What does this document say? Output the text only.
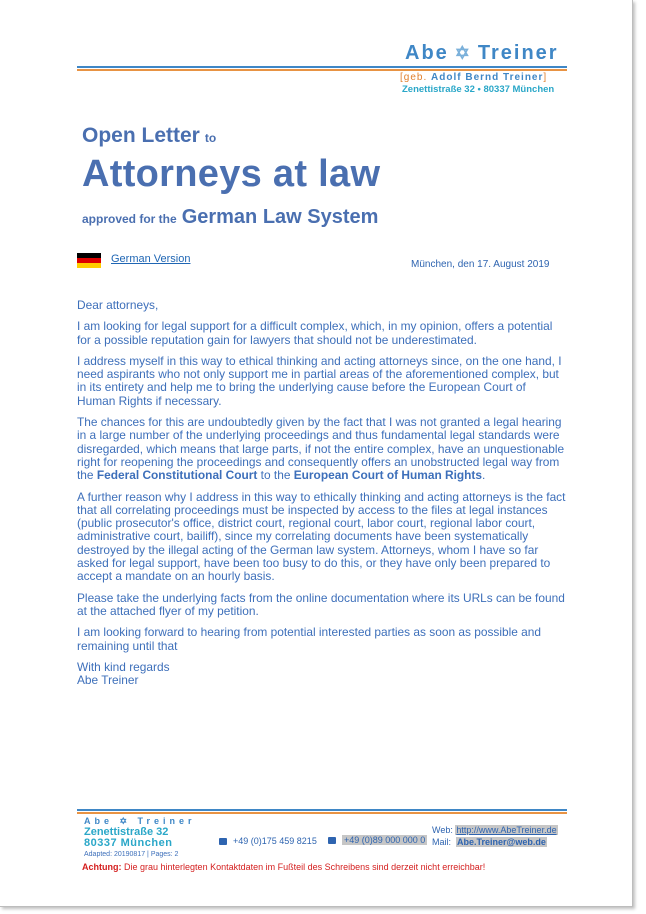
Abe ✡ Treiner
[geb. Adolf Bernd Treiner]
Zenettistraße 32 • 80337 München
Open Letter to
Attorneys at law
approved for the German Law System
German Version	München, den 17. August 2019

Dear attorneys,

I am looking for legal support for a difficult complex, which, in my opinion, offers a potential for a possible reputation gain for lawyers that should not be underestimated.

I address myself in this way to ethical thinking and acting attorneys since, on the one hand, I need aspirants who not only support me in partial areas of the aforementioned complex, but in its entirety and help me to bring the underlying cause before the European Court of Human Rights if necessary.

The chances for this are undoubtedly given by the fact that I was not granted a legal hearing in a large number of the underlying proceedings and thus fundamental legal standards were disregarded, which means that large parts, if not the entire complex, have an unquestionable right for reopening the proceedings and consequently offers an unobstructed legal way from the Federal Constitutional Court to the European Court of Human Rights.

A further reason why I address in this way to ethically thinking and acting attorneys is the fact that all correlating proceedings must be inspected by access to the files at legal instances (public prosecutor's office, district court, regional court, labor court, regional labor court, administrative court, bailiff), since my correlating documents have been systematically destroyed by the illegal acting of the German law system. Attorneys, whom I have so far asked for legal support, have been too busy to do this, or they have only been prepared to accept a mandate on an hourly basis.

Please take the underlying facts from the online documentation where its URLs can be found at the attached flyer of my petition.

I am looking forward to hearing from potential interested parties as soon as possible and remaining until that

With kind regards

Abe Treiner

Abe ✡ Treiner
Zenettistraße 32
80337 München
Adapted: 20190817 | Pages: 2
+49 (0)175 459 8215	+49 (0)89 000 000 0
Web: http://www.AbeTreiner.de
Mail: Abe.Treiner@web.de
Achtung: Die grau hinterlegten Kontaktdaten im Fußteil des Schreibens sind derzeit nicht erreichbar!
